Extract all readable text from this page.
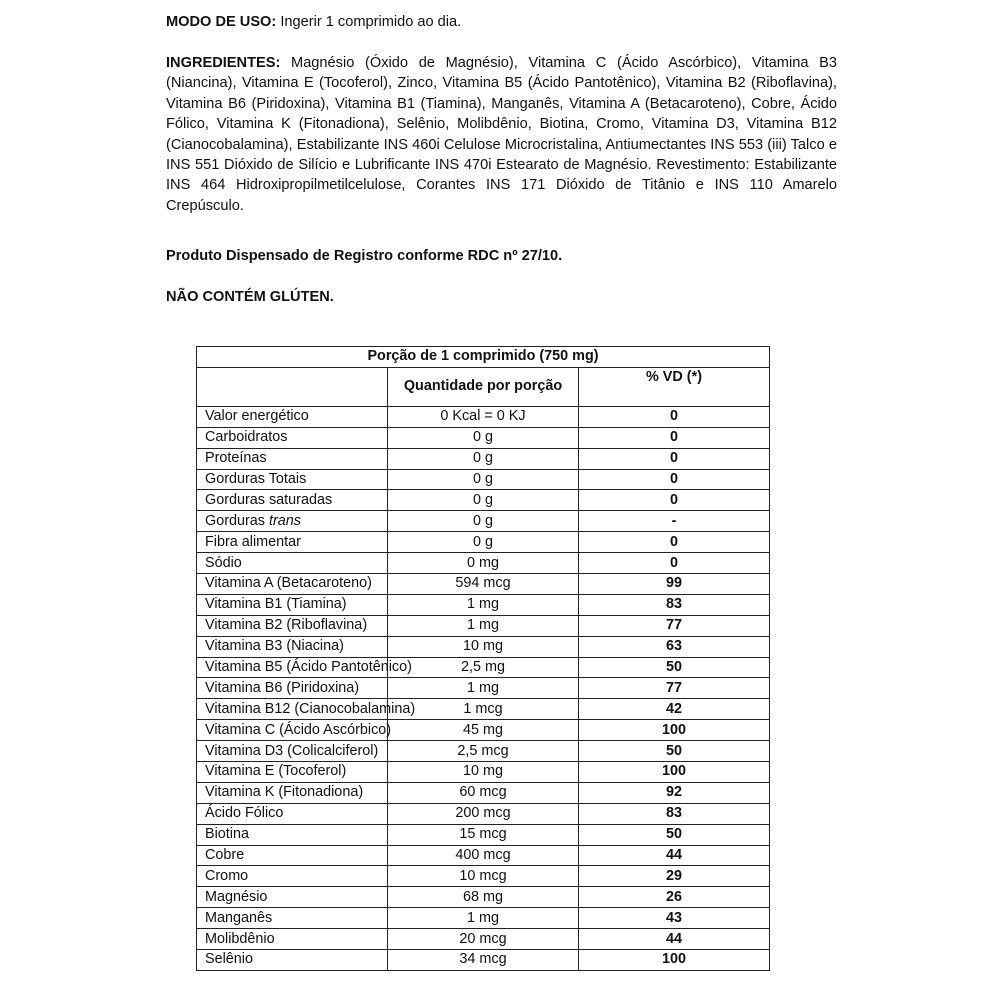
MODO DE USO: Ingerir 1 comprimido ao dia.

INGREDIENTES: Magnésio (Óxido de Magnésio), Vitamina C (Ácido Ascórbico), Vitamina B3 (Niancina), Vitamina E (Tocoferol), Zinco, Vitamina B5 (Ácido Pantotênico), Vitamina B2 (Riboflavina), Vitamina B6 (Piridoxina), Vitamina B1 (Tiamina), Manganês, Vitamina A (Betacaroteno), Cobre, Ácido Fólico, Vitamina K (Fitonadiona), Selênio, Molibdênio, Biotina, Cromo, Vitamina D3, Vitamina B12 (Cianocobalamina), Estabilizante INS 460i Celulose Microcristalina, Antiumectantes INS 553 (iii) Talco e INS 551 Dióxido de Silício e Lubrificante INS 470i Estearato de Magnésio. Revestimento: Estabilizante INS 464 Hidroxipropilmetilcelulose, Corantes INS 171 Dióxido de Titânio e INS 110 Amarelo Crepúsculo.

Produto Dispensado de Registro conforme RDC nº 27/10.

NÃO CONTÉM GLÚTEN.

Porção de 1 comprimido (750 mg)		
	Quantidade por porção	% VD (*)
Valor energético	0 Kcal = 0 KJ	0
Carboidratos	0 g	0
Proteínas	0 g	0
Gorduras Totais	0 g	0
Gorduras saturadas	0 g	0
Gorduras trans	0 g	-
Fibra alimentar	0 g	0
Sódio	0 mg	0
Vitamina A (Betacaroteno)	594 mcg	99
Vitamina B1 (Tiamina)	1 mg	83
Vitamina B2 (Riboflavina)	1 mg	77
Vitamina B3 (Niacina)	10 mg	63
Vitamina B5 (Ácido Pantotênico)	2,5 mg	50
Vitamina B6 (Piridoxina)	1 mg	77
Vitamina B12 (Cianocobalamina)	1 mcg	42
Vitamina C (Ácido Ascórbico)	45 mg	100
Vitamina D3 (Colicalciferol)	2,5 mcg	50
Vitamina E (Tocoferol)	10 mg	100
Vitamina K (Fitonadiona)	60 mcg	92
Ácido Fólico	200 mcg	83
Biotina	15 mcg	50
Cobre	400 mcg	44
Cromo	10 mcg	29
Magnésio	68 mg	26
Manganês	1 mg	43
Molibdênio	20 mcg	44
Selênio	34 mcg	100
